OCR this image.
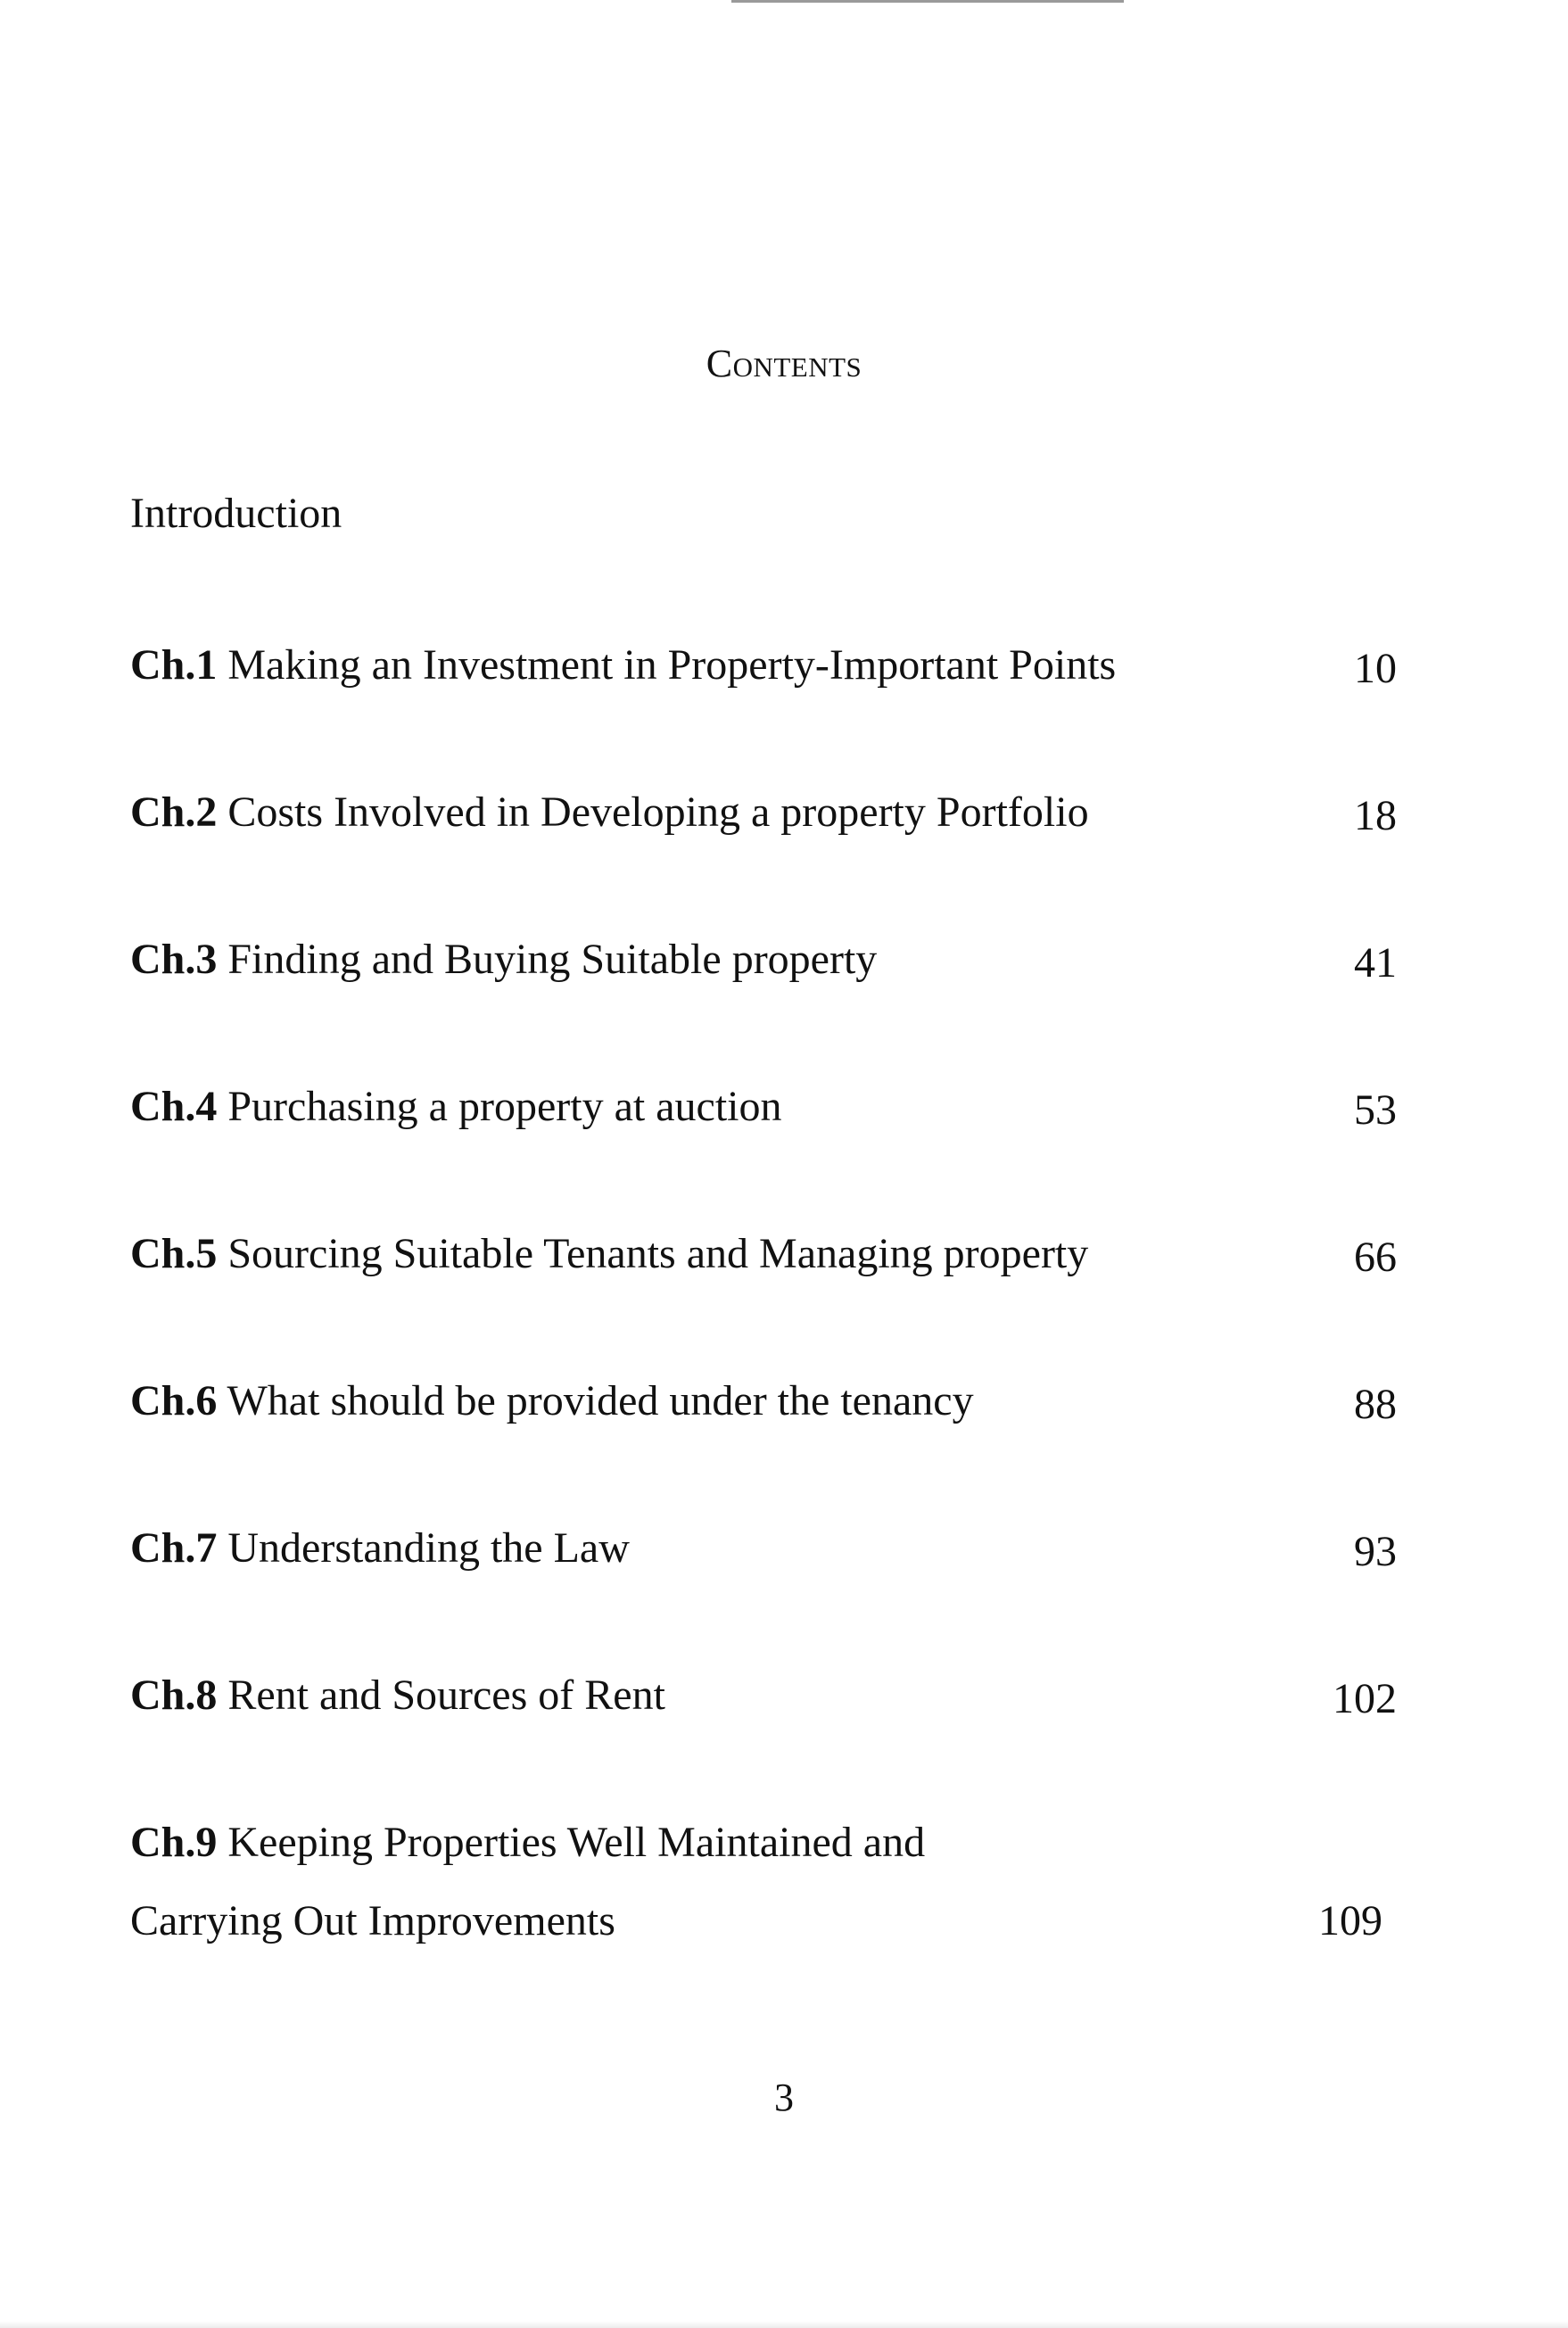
Contents
Introduction
Ch.1 Making an Investment in Property-Important Points	10
Ch.2 Costs Involved in Developing a property Portfolio	18
Ch.3 Finding and Buying Suitable property	41
Ch.4 Purchasing a property at auction	53
Ch.5 Sourcing Suitable Tenants and Managing property	66
Ch.6 What should be provided under the tenancy	88
Ch.7 Understanding the Law	93
Ch.8 Rent and Sources of Rent	102
Ch.9 Keeping Properties Well Maintained and
Carrying Out Improvements	109
3
